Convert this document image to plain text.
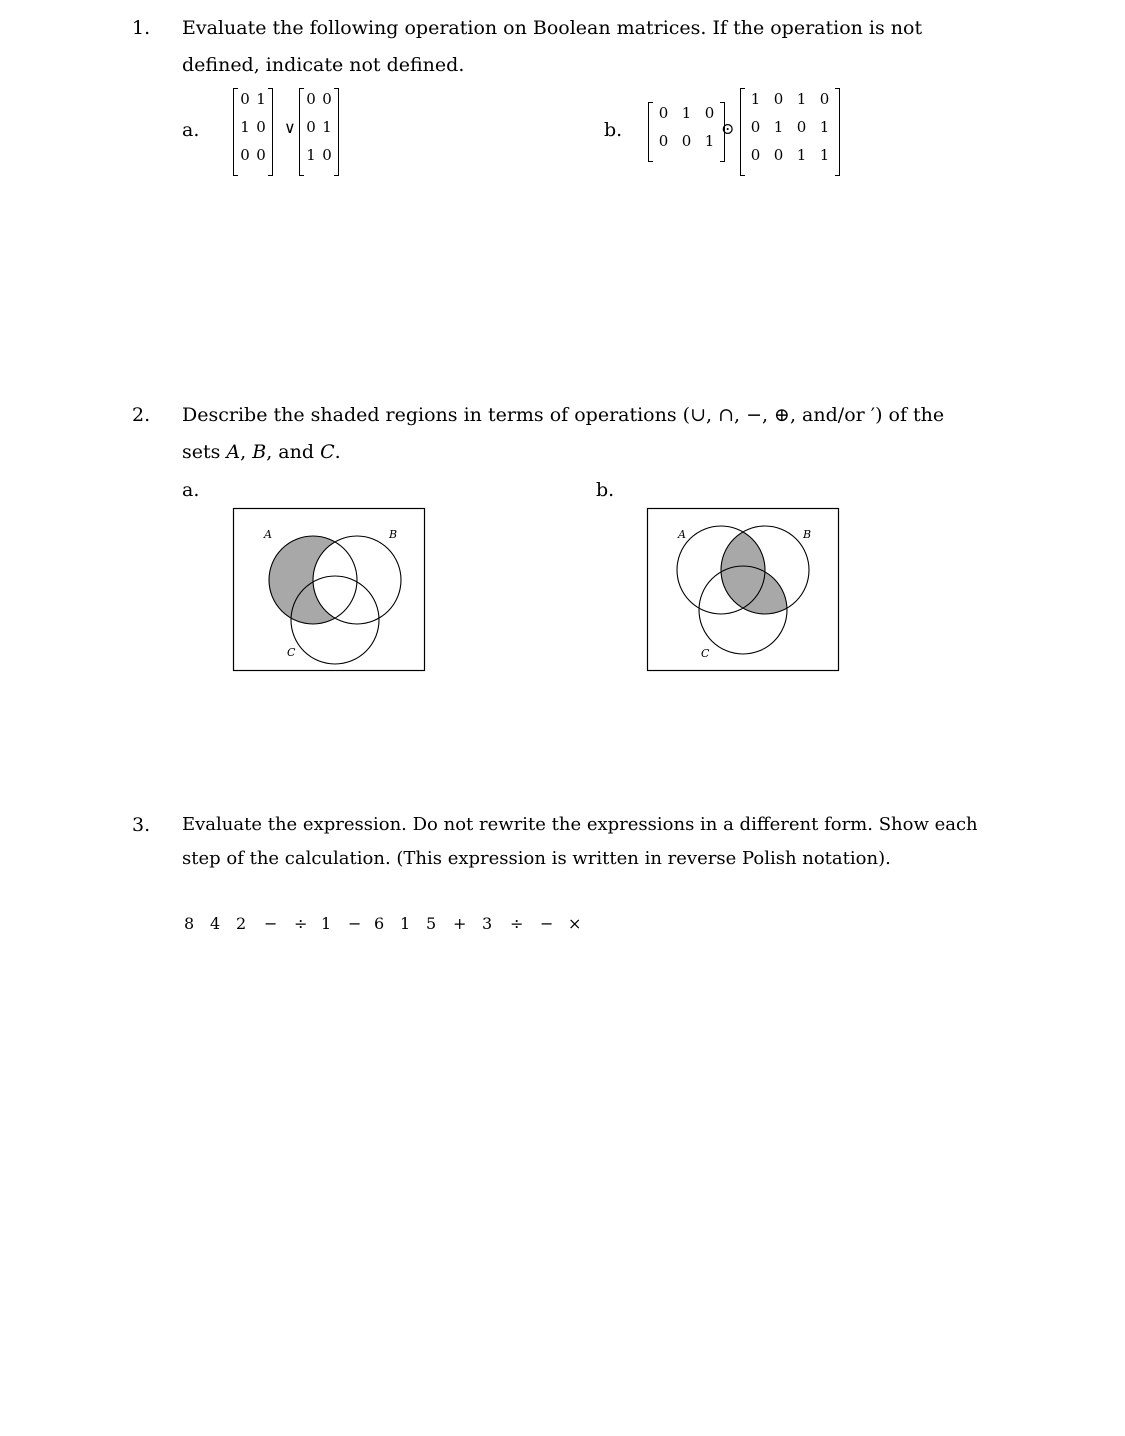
1. Evaluate the following operation on Boolean matrices. If the operation is not
defined, indicate not defined.
a.
0 1
1 0
0 0
∨
0 0
0 1
1 0
b.
0 1 0
0 0 1
⊙
1 0 1 0
0 1 0 1
0 0 1 1
2. Describe the shaded regions in terms of operations (∪, ∩, −, ⊕, and/or ′) of the
sets A, B, and C.
a.	b.
A	B
C
A	B
C
3. Evaluate the expression. Do not rewrite the expressions in a different form. Show each
step of the calculation. (This expression is written in reverse Polish notation).
8 4 2 − ÷ 1 − 6 1 5 + 3 ÷ − ×
